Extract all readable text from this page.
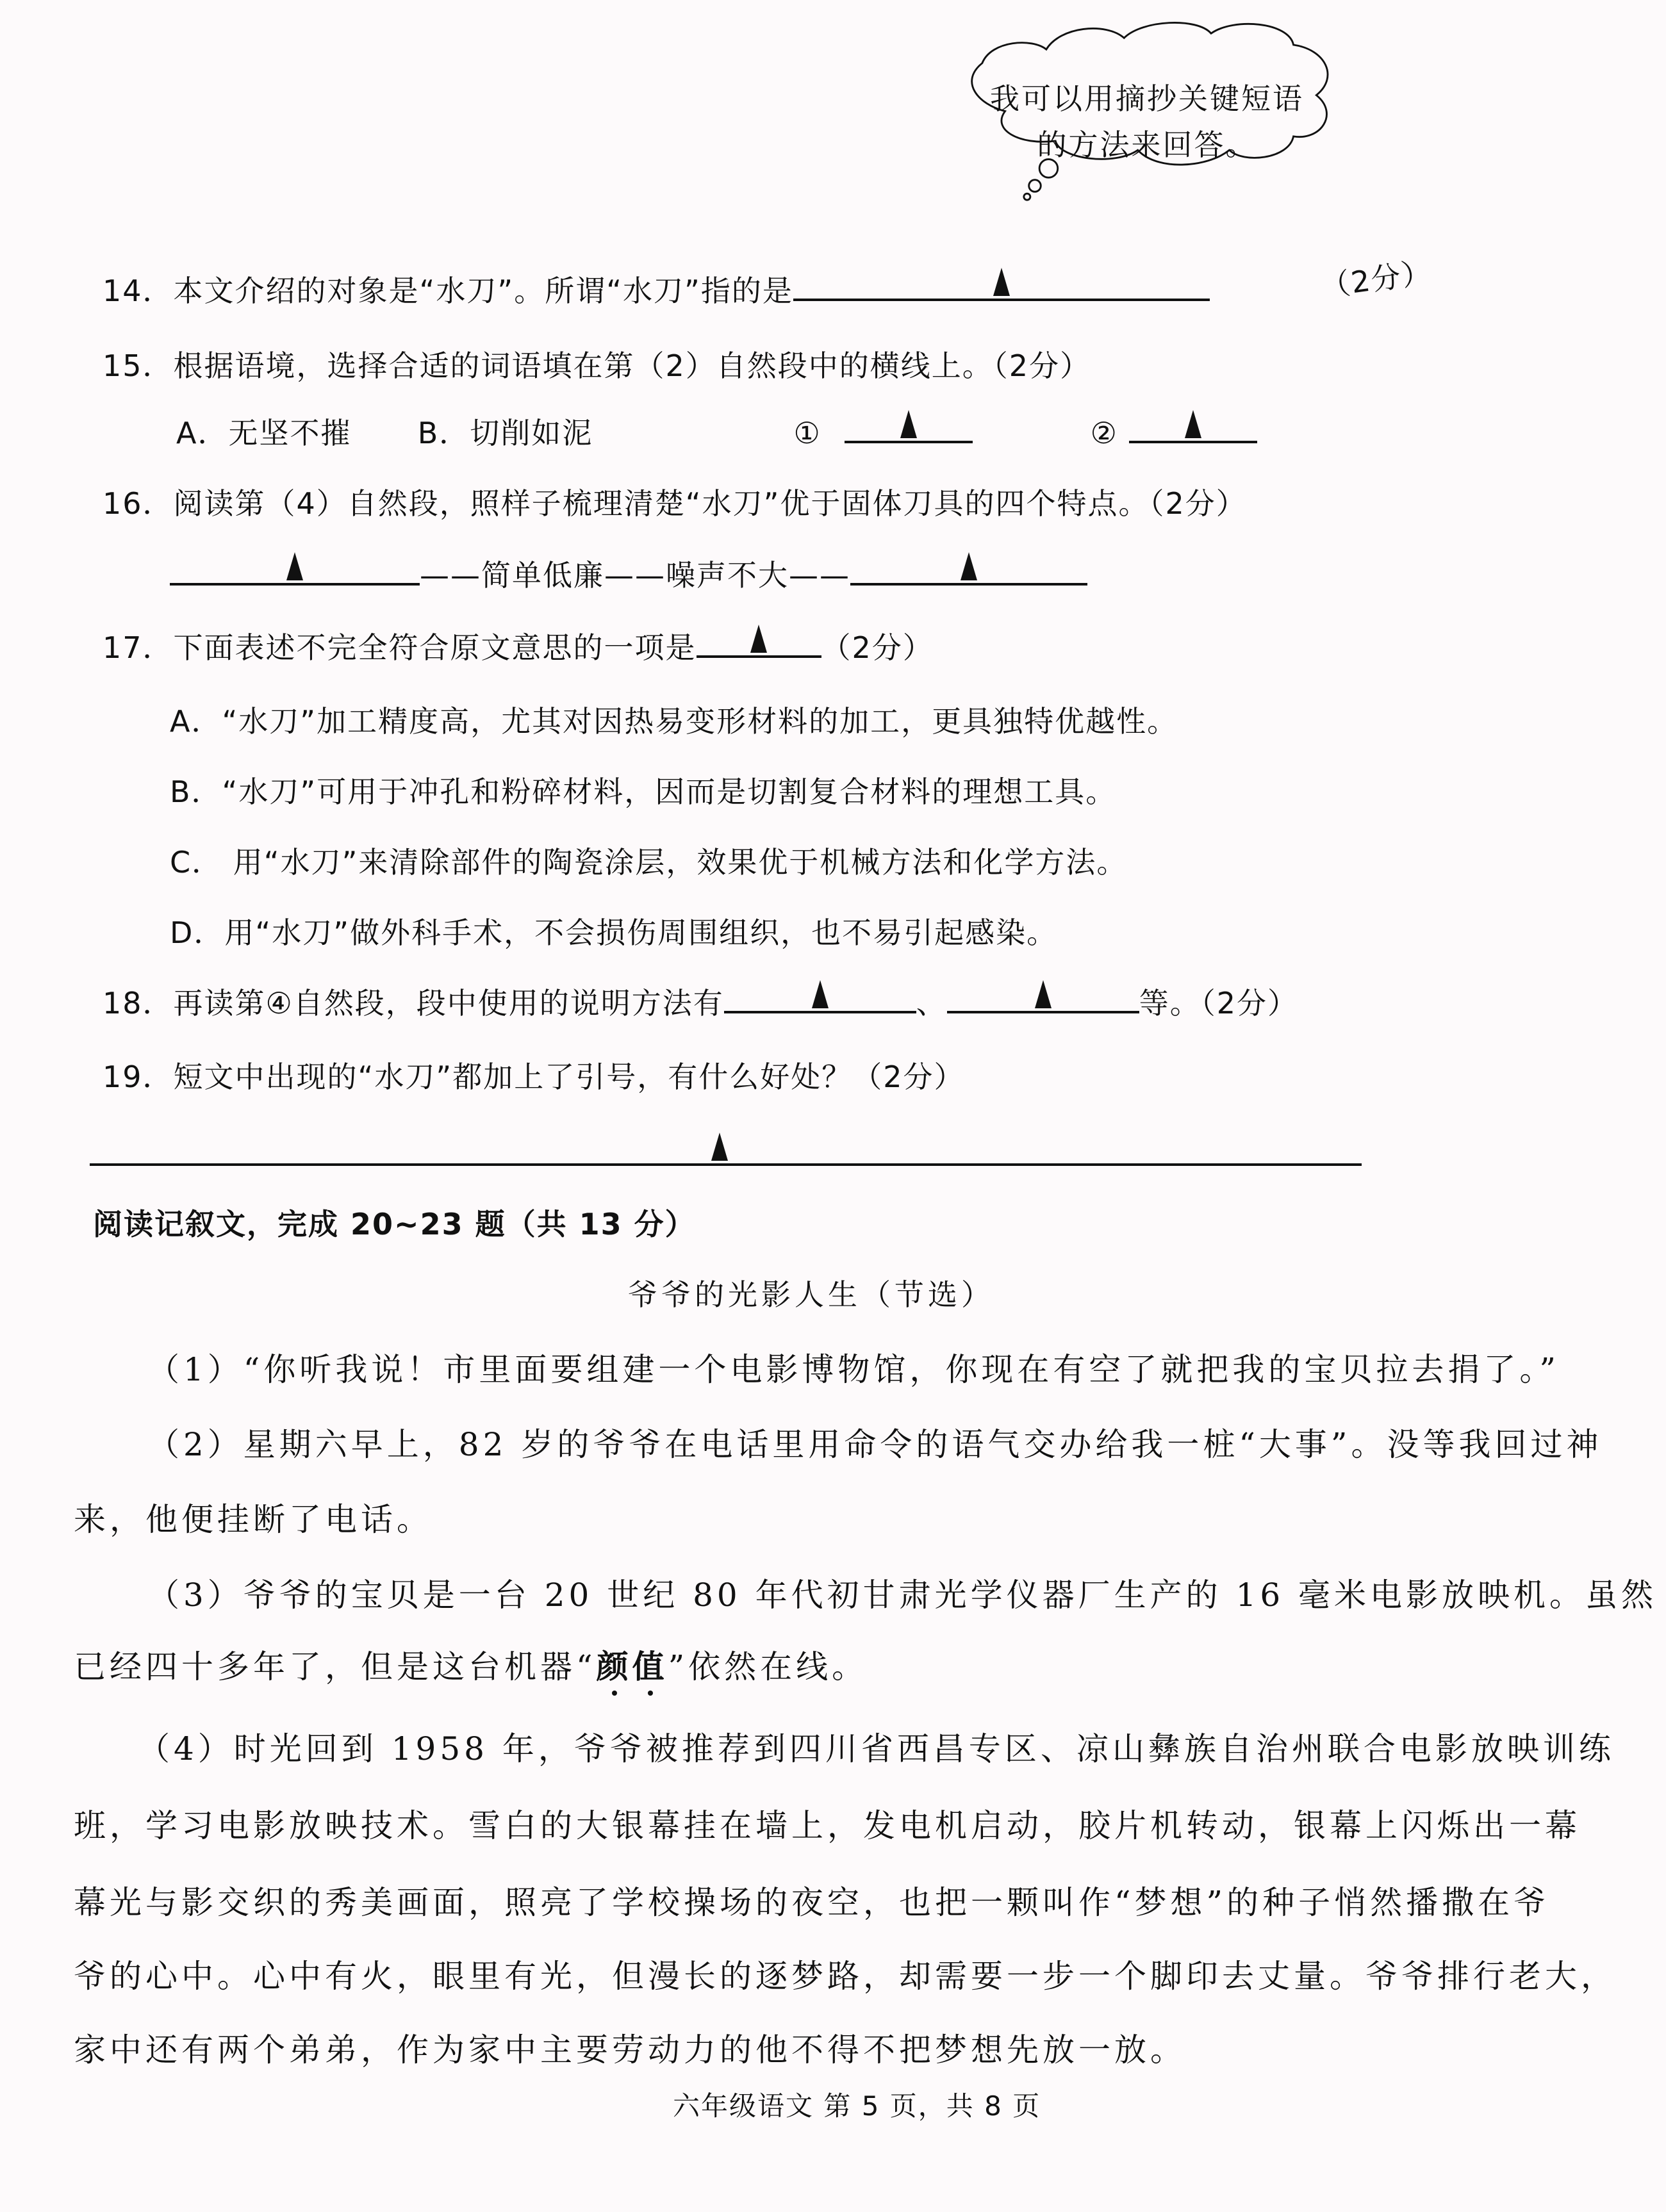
我可以用摘抄关键短语
的方法来回答。
14．本文介绍的对象是“水刀”。所谓“水刀”指的是	（2分）
15．根据语境，选择合适的词语填在第（2）自然段中的横线上。（2分）
A．无坚不摧 B．切削如泥	①	②
16．阅读第（4）自然段，照样子梳理清楚“水刀”优于固体刀具的四个特点。（2分）
——简单低廉——噪声不大——
17．下面表述不完全符合原文意思的一项是	（2分）
A．“水刀”加工精度高，尤其对因热易变形材料的加工，更具独特优越性。
B．“水刀”可用于冲孔和粉碎材料，因而是切割复合材料的理想工具。
C． 用“水刀”来清除部件的陶瓷涂层，效果优于机械方法和化学方法。
D．用“水刀”做外科手术，不会损伤周围组织，也不易引起感染。
18．再读第④自然段，段中使用的说明方法有	、	等。（2分）
19．短文中出现的“水刀”都加上了引号，有什么好处？（2分）
阅读记叙文，完成 20~23 题（共 13 分）
爷爷的光影人生（节选）
（1）“你听我说！市里面要组建一个电影博物馆，你现在有空了就把我的宝贝拉去捐了。”
（2）星期六早上，82 岁的爷爷在电话里用命令的语气交办给我一桩“大事”。没等我回过神
来，他便挂断了电话。
（3）爷爷的宝贝是一台 20 世纪 80 年代初甘肃光学仪器厂生产的 16 毫米电影放映机。虽然
已经四十多年了，但是这台机器“颜值”依然在线。
（4）时光回到 1958 年，爷爷被推荐到四川省西昌专区、凉山彝族自治州联合电影放映训练
班，学习电影放映技术。雪白的大银幕挂在墙上，发电机启动，胶片机转动，银幕上闪烁出一幕
幕光与影交织的秀美画面，照亮了学校操场的夜空，也把一颗叫作“梦想”的种子悄然播撒在爷
爷的心中。心中有火，眼里有光，但漫长的逐梦路，却需要一步一个脚印去丈量。爷爷排行老大，
家中还有两个弟弟，作为家中主要劳动力的他不得不把梦想先放一放。
六年级语文 第 5 页，共 8 页
